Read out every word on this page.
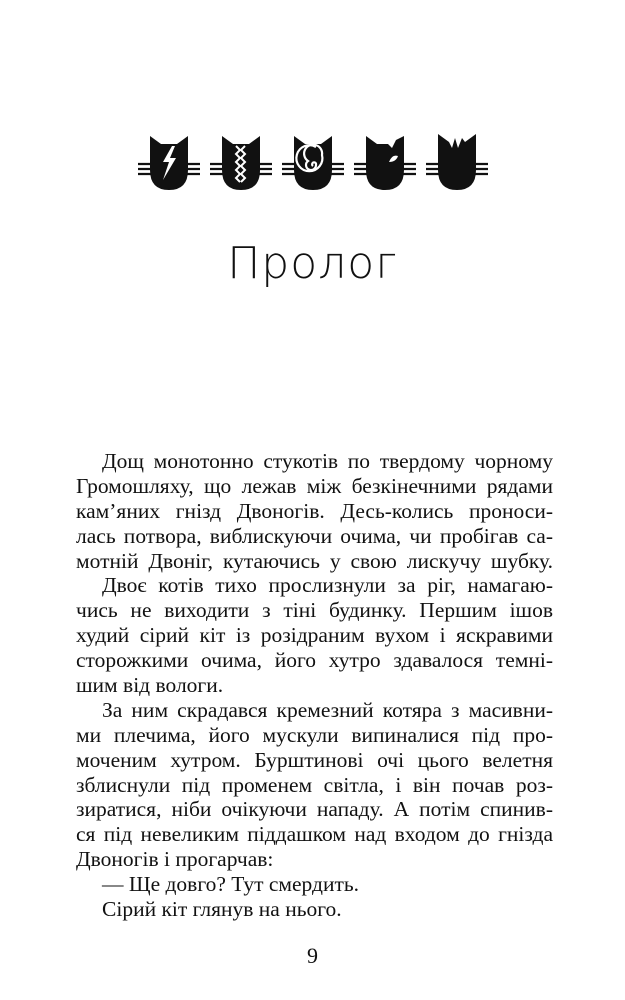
Пролог
Дощ монотонно стукотів по твердому чорному
Громошляху, що лежав між безкінечними рядами
кам’яних гнізд Двоногів. Десь-колись проноси-
лась потвора, виблискуючи очима, чи пробігав са-
мотній Двоніг, кутаючись у свою лискучу шубку.
Двоє котів тихо прослизнули за ріг, намагаю-
чись не виходити з тіні будинку. Першим ішов
худий сірий кіт із розідраним вухом і яскравими
сторожкими очима, його хутро здавалося темні-
шим від вологи.
За ним скрадався кремезний котяра з масивни-
ми плечима, його мускули випиналися під про-
моченим хутром. Бурштинові очі цього велетня
зблиснули під променем світла, і він почав роз-
зиратися, ніби очікуючи нападу. А потім спинив-
ся під невеликим піддашком над входом до гнізда
Двоногів і прогарчав:
— Ще довго? Тут смердить.
Сірий кіт глянув на нього.
9
